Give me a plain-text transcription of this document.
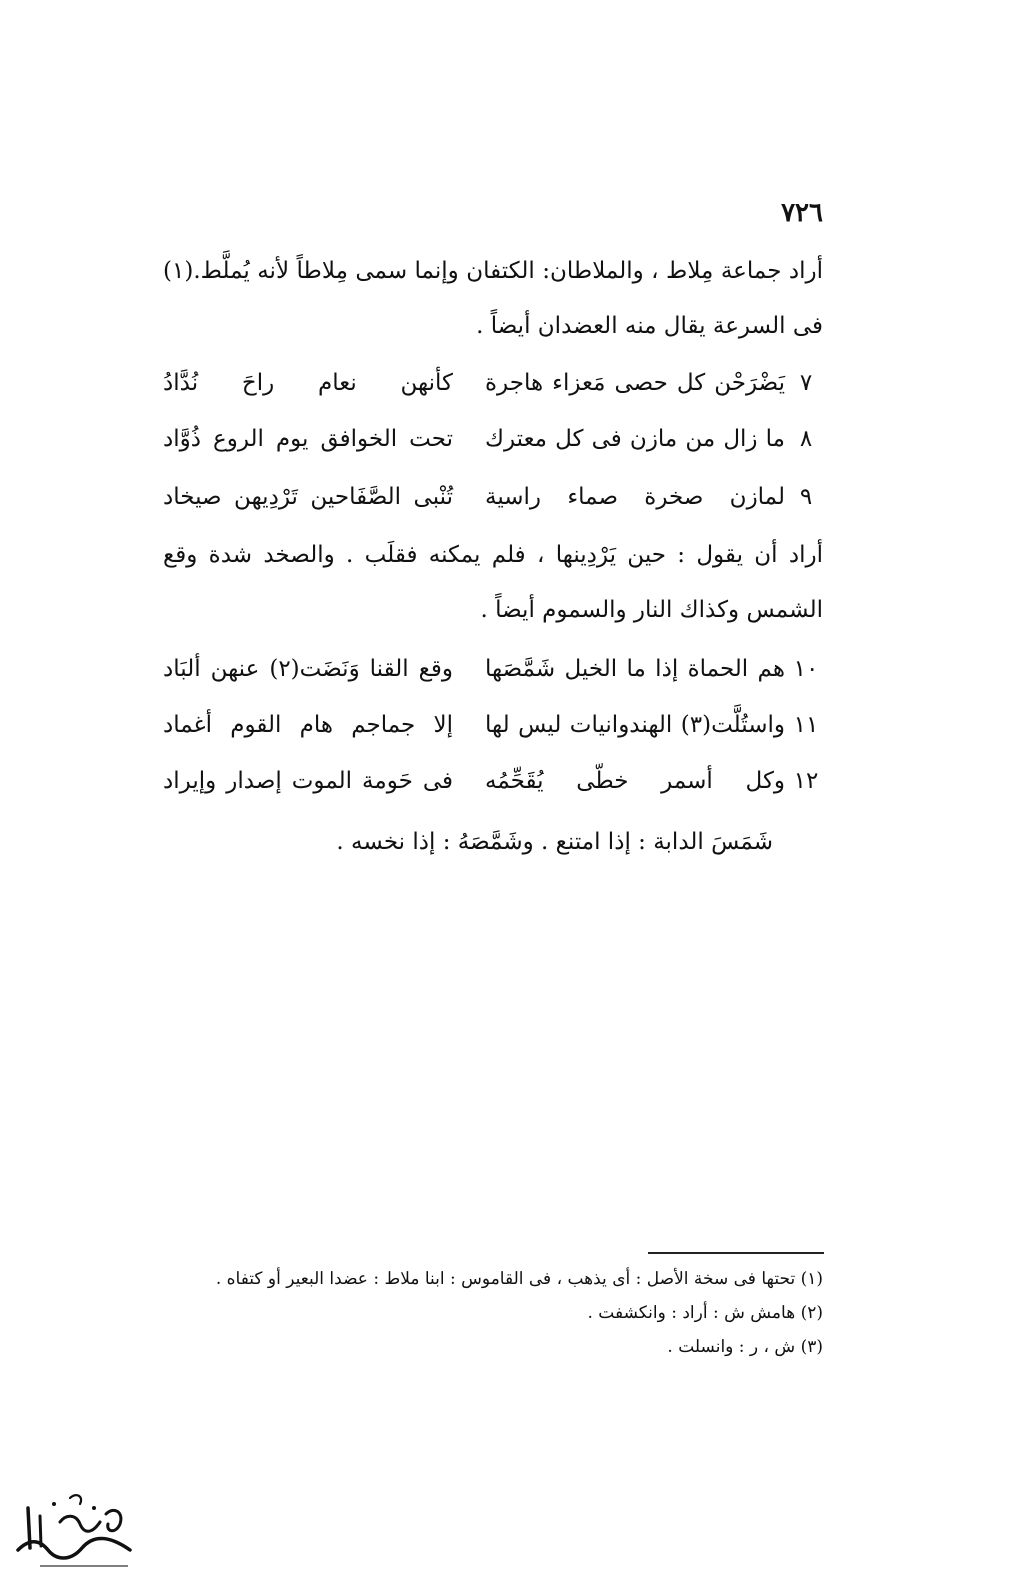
٧٢٦
أراد جماعة مِلاط ، والملاطان: الكتفان وإنما سمى مِلاطاً لأنه يُملَّط.(١) فى السرعة يقال منه العضدان أيضاً .
٧
يَضْرَحْن كل حصى مَعزاء هاجرة
كأنهن نعام راحَ نُدَّادُ
٨
ما زال من مازن فى كل معترك
تحت الخوافق يوم الروع ذُوَّاد
٩
لمازن صخرة صماء راسية
تُنْبى الصَّفَاحين تَرْدِيهن صيخاد
أراد أن يقول : حين يَرْدِينها ، فلم يمكنه فقلَب . والصخد شدة وقع الشمس وكذاك النار والسموم أيضاً .
١٠
هم الحماة إذا ما الخيل شَمَّصَها
وقع القنا وَنَضَت(٢) عنهن ألبَاد
١١
واستُلَّت(٣) الهندوانيات ليس لها
إلا جماجم هام القوم أغماد
١٢
وكل أسمر خطّى يُقَحِّمُه
فى حَومة الموت إصدار وإيراد
شَمَسَ الدابة : إذا امتنع . وشَمَّصَهُ : إذا نخسه .
(١) تحتها فى سخة الأصل : أى يذهب ، فى القاموس : ابنا ملاط : عضدا البعير أو كتفاه .
(٢) هامش ش : أراد : وانكشفت .
(٣) ش ، ر : وانسلت .
